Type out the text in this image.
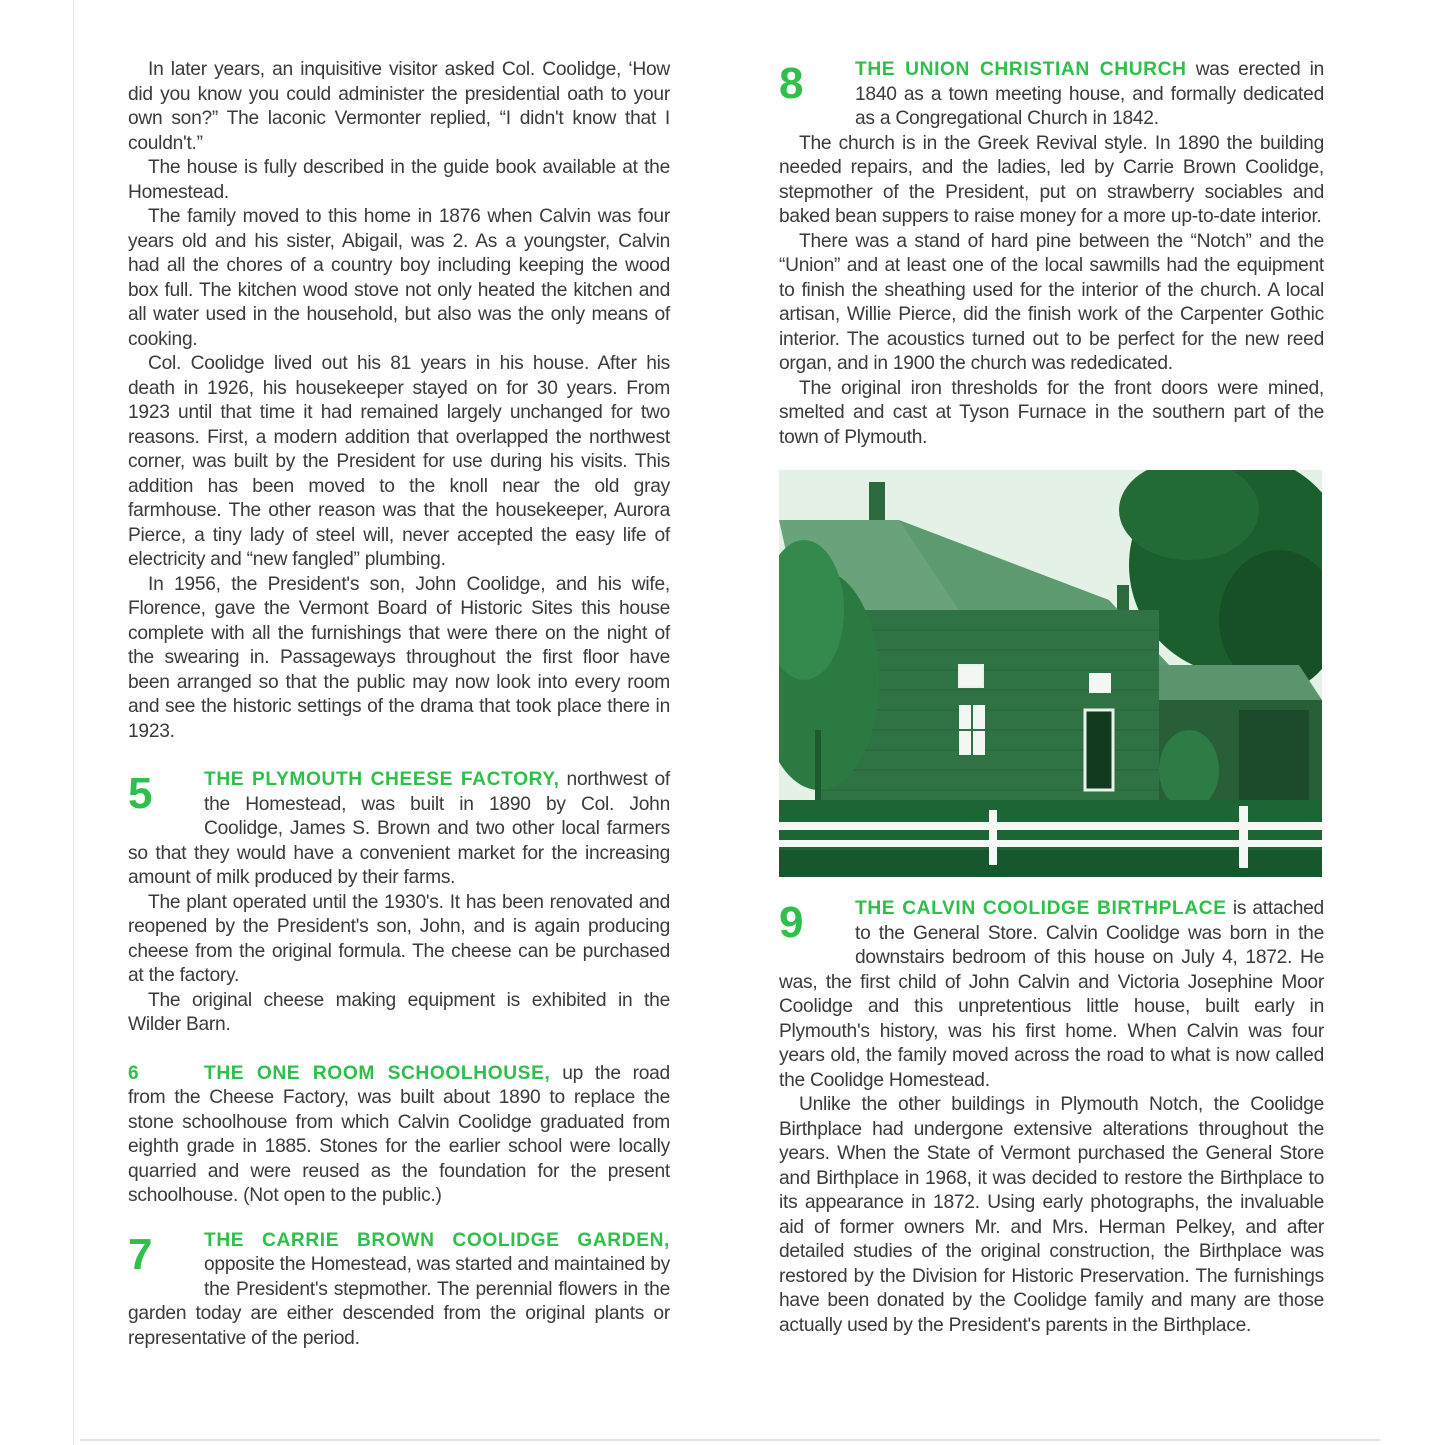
In later years, an inquisitive visitor asked Col. Coolidge, ‘How did you know you could administer the presidential oath to your own son?” The laconic Vermonter replied, “I didn't know that I couldn't.”

The house is fully described in the guide book available at the Homestead.

The family moved to this home in 1876 when Calvin was four years old and his sister, Abigail, was 2. As a youngster, Calvin had all the chores of a country boy including keeping the wood box full. The kitchen wood stove not only heated the kitchen and all water used in the household, but also was the only means of cooking.

Col. Coolidge lived out his 81 years in his house. After his death in 1926, his housekeeper stayed on for 30 years. From 1923 until that time it had remained largely unchanged for two reasons. First, a modern addition that overlapped the northwest corner, was built by the President for use during his visits. This addition has been moved to the knoll near the old gray farmhouse. The other reason was that the housekeeper, Aurora Pierce, a tiny lady of steel will, never accepted the easy life of electricity and “new fangled” plumbing.

In 1956, the President's son, John Coolidge, and his wife, Florence, gave the Vermont Board of Historic Sites this house complete with all the furnishings that were there on the night of the swearing in. Passageways throughout the first floor have been arranged so that the public may now look into every room and see the historic settings of the drama that took place there in 1923.

5	THE PLYMOUTH CHEESE FACTORY, northwest of the Homestead, was built in 1890 by Col. John Coolidge, James S. Brown and two other local farmers so that they would have a convenient market for the increasing amount of milk produced by their farms.

The plant operated until the 1930's. It has been renovated and reopened by the President's son, John, and is again producing cheese from the original formula. The cheese can be purchased at the factory.

The original cheese making equipment is exhibited in the Wilder Barn.

6	THE ONE ROOM SCHOOLHOUSE, up the road from the Cheese Factory, was built about 1890 to replace the stone schoolhouse from which Calvin Coolidge graduated from eighth grade in 1885. Stones for the earlier school were locally quarried and were reused as the foundation for the present schoolhouse. (Not open to the public.)

7	THE CARRIE BROWN COOLIDGE GARDEN, opposite the Homestead, was started and maintained by the President's stepmother. The perennial flowers in the garden today are either descended from the original plants or representative of the period.

8	THE UNION CHRISTIAN CHURCH was erected in 1840 as a town meeting house, and formally dedicated as a Congregational Church in 1842.

The church is in the Greek Revival style. In 1890 the building needed repairs, and the ladies, led by Carrie Brown Coolidge, stepmother of the President, put on strawberry sociables and baked bean suppers to raise money for a more up-to-date interior.

There was a stand of hard pine between the “Notch” and the “Union” and at least one of the local sawmills had the equipment to finish the sheathing used for the interior of the church. A local artisan, Willie Pierce, did the finish work of the Carpenter Gothic interior. The acoustics turned out to be perfect for the new reed organ, and in 1900 the church was rededicated.

The original iron thresholds for the front doors were mined, smelted and cast at Tyson Furnace in the southern part of the town of Plymouth.

9	THE CALVIN COOLIDGE BIRTHPLACE is attached to the General Store. Calvin Coolidge was born in the downstairs bedroom of this house on July 4, 1872. He was, the first child of John Calvin and Victoria Josephine Moor Coolidge and this unpretentious little house, built early in Plymouth's history, was his first home. When Calvin was four years old, the family moved across the road to what is now called the Coolidge Homestead.

Unlike the other buildings in Plymouth Notch, the Coolidge Birthplace had undergone extensive alterations throughout the years. When the State of Vermont purchased the General Store and Birthplace in 1968, it was decided to restore the Birthplace to its appearance in 1872. Using early photographs, the invaluable aid of former owners Mr. and Mrs. Herman Pelkey, and after detailed studies of the original construction, the Birthplace was restored by the Division for Historic Preservation. The furnishings have been donated by the Coolidge family and many are those actually used by the President's parents in the Birthplace.
